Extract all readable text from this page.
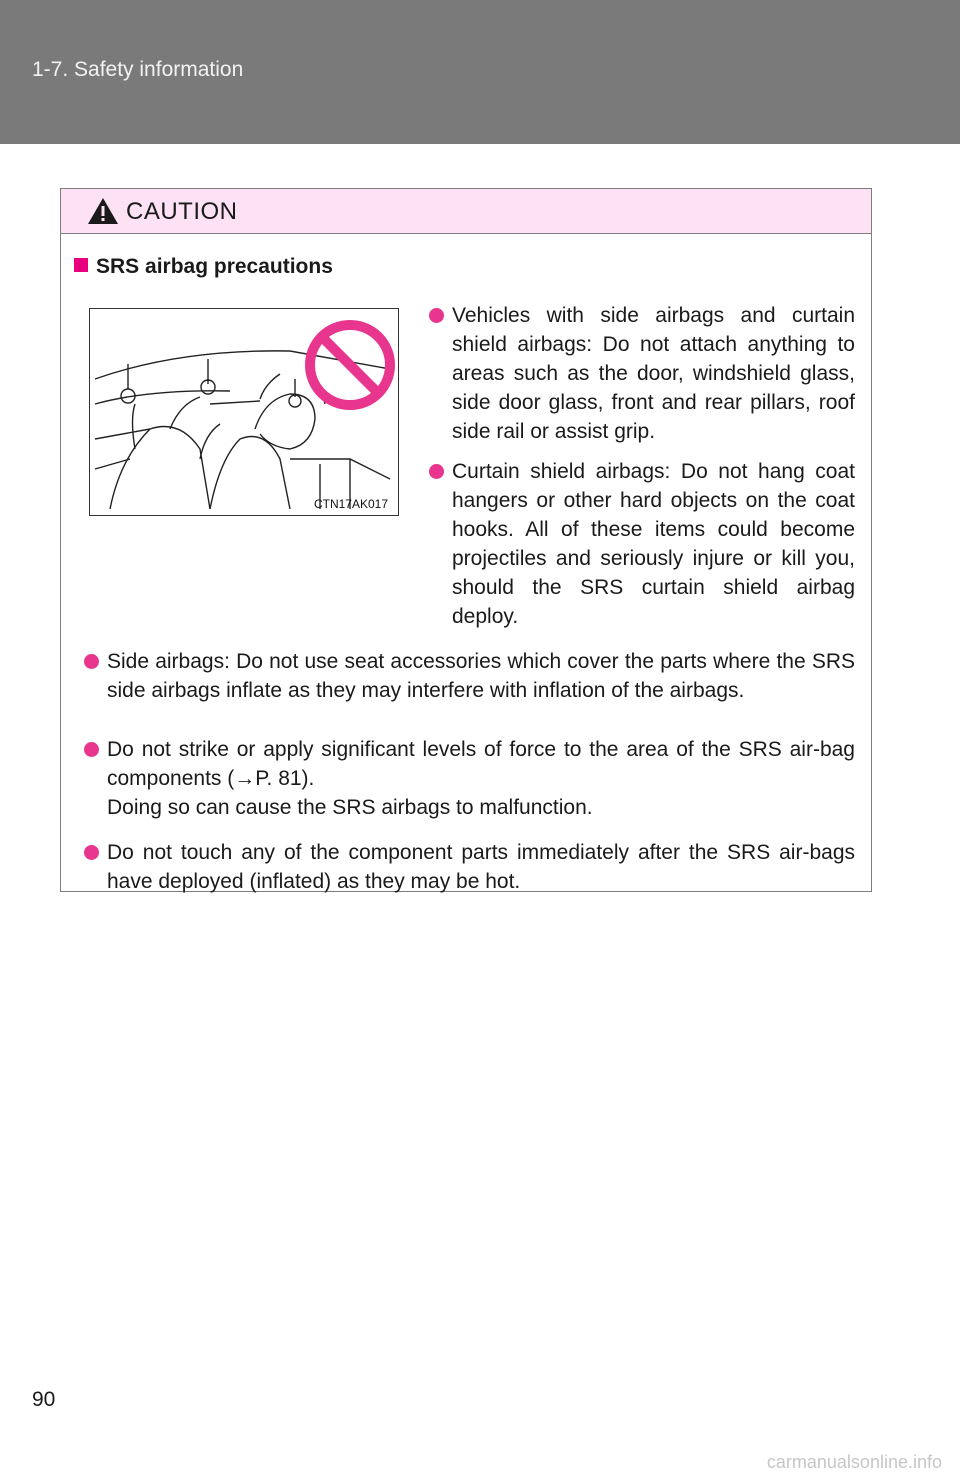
1-7. Safety information
CAUTION
SRS airbag precautions
CTN17AK017
Vehicles with side airbags and curtain shield airbags: Do not attach anything to areas such as the door, windshield glass, side door glass, front and rear pillars, roof side rail or assist grip.
Curtain shield airbags: Do not hang coat hangers or other hard objects on the coat hooks. All of these items could become projectiles and seriously injure or kill you, should the SRS curtain shield airbag deploy.
Side airbags: Do not use seat accessories which cover the parts where the SRS side airbags inflate as they may interfere with inflation of the airbags.
Do not strike or apply significant levels of force to the area of the SRS air-bag components (→P. 81).
Doing so can cause the SRS airbags to malfunction.
Do not touch any of the component parts immediately after the SRS air-bags have deployed (inflated) as they may be hot.
90
carmanualsonline.info
